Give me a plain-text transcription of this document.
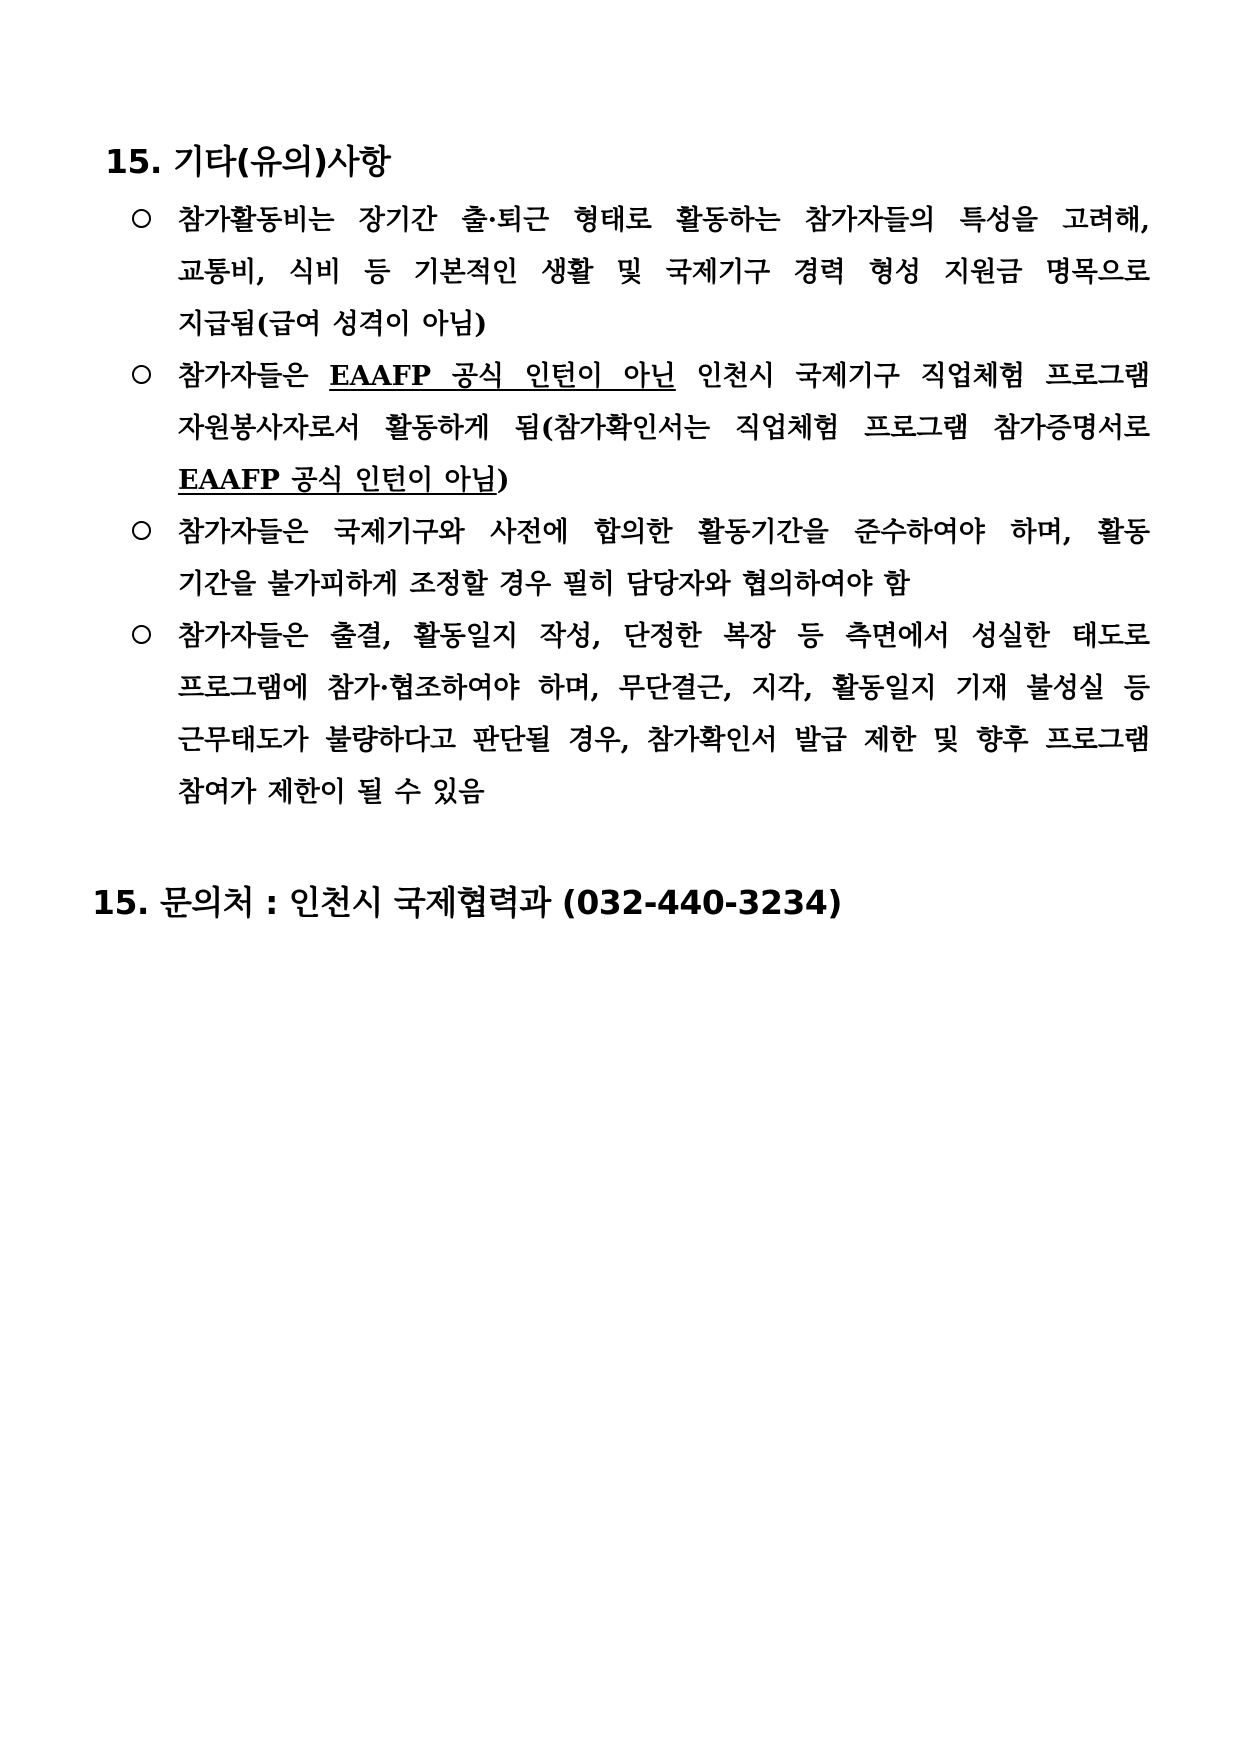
15. 기타(유의)사항
참가활동비는 장기간 출·퇴근 형태로 활동하는 참가자들의 특성을 고려해,
교통비, 식비 등 기본적인 생활 및 국제기구 경력 형성 지원금 명목으로
지급됨(급여 성격이 아님)
참가자들은 EAAFP 공식 인턴이 아닌 인천시 국제기구 직업체험 프로그램
자원봉사자로서 활동하게 됨(참가확인서는 직업체험 프로그램 참가증명서로
EAAFP 공식 인턴이 아님)
참가자들은 국제기구와 사전에 합의한 활동기간을 준수하여야 하며, 활동
기간을 불가피하게 조정할 경우 필히 담당자와 협의하여야 함
참가자들은 출결, 활동일지 작성, 단정한 복장 등 측면에서 성실한 태도로
프로그램에 참가·협조하여야 하며, 무단결근, 지각, 활동일지 기재 불성실 등
근무태도가 불량하다고 판단될 경우, 참가확인서 발급 제한 및 향후 프로그램
참여가 제한이 될 수 있음
15. 문의처 : 인천시 국제협력과 (032-440-3234)
